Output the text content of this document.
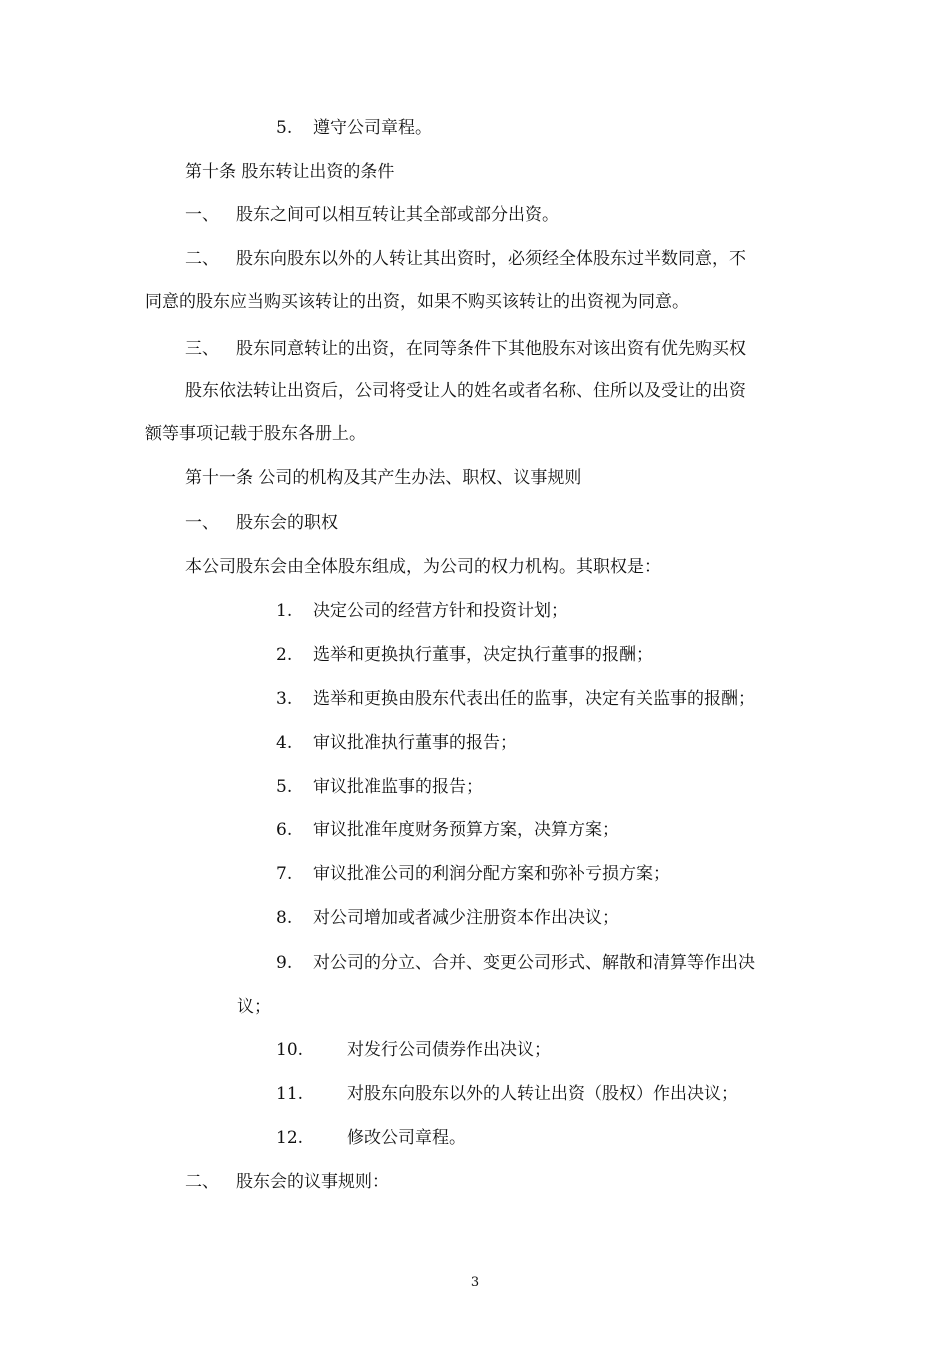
5. 遵守公司章程。
第十条 股东转让出资的条件
一、 股东之间可以相互转让其全部或部分出资。
二、 股东向股东以外的人转让其出资时，必须经全体股东过半数同意，不
同意的股东应当购买该转让的出资，如果不购买该转让的出资视为同意。
三、 股东同意转让的出资，在同等条件下其他股东对该出资有优先购买权
股东依法转让出资后，公司将受让人的姓名或者名称、住所以及受让的出资
额等事项记载于股东各册上。
第十一条 公司的机构及其产生办法、职权、议事规则
一、 股东会的职权
本公司股东会由全体股东组成，为公司的权力机构。其职权是：
1. 决定公司的经营方针和投资计划；
2. 选举和更换执行董事，决定执行董事的报酬；
3. 选举和更换由股东代表出任的监事，决定有关监事的报酬；
4. 审议批准执行董事的报告；
5. 审议批准监事的报告；
6. 审议批准年度财务预算方案，决算方案；
7. 审议批准公司的利润分配方案和弥补亏损方案；
8. 对公司增加或者减少注册资本作出决议；
9. 对公司的分立、合并、变更公司形式、解散和清算等作出决
议；
10.	对发行公司债券作出决议；
11.	对股东向股东以外的人转让出资（股权）作出决议；
12.	修改公司章程。
二、 股东会的议事规则：
3
